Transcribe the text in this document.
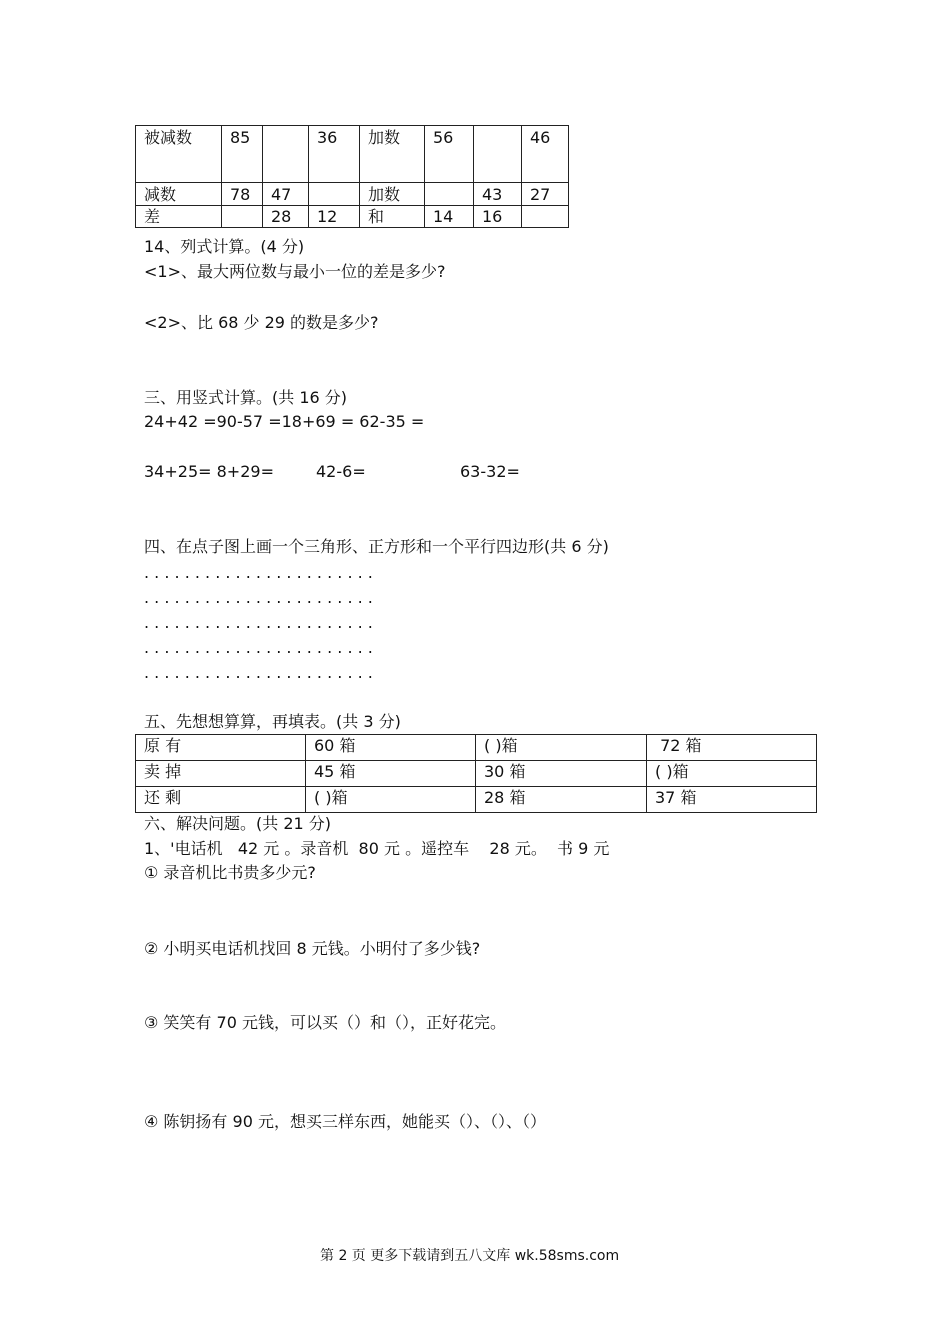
被减数	85		36	加数	56		46
减数	78	47		加数		43	27
差		28	12	和	14	16	
14、列式计算。(4 分)
<1>、最大两位数与最小一位的差是多少?
<2>、比 68 少 29 的数是多少?
三、用竖式计算。(共 16 分)
24+42 =90-57 =18+69 = 62-35 =
34+25= 8+29=	42-6=	63-32=
四、在点子图上画一个三角形、正方形和一个平行四边形(共 6 分)
. . . . . . . . . . . . . . . . . . . . . . .
. . . . . . . . . . . . . . . . . . . . . . .
. . . . . . . . . . . . . . . . . . . . . . .
. . . . . . . . . . . . . . . . . . . . . . .
. . . . . . . . . . . . . . . . . . . . . . .
五、先想想算算，再填表。(共 3 分)
原 有	60 箱	( )箱	72 箱
卖 掉	45 箱	30 箱	( )箱
还 剩	( )箱	28 箱	37 箱
六、解决问题。(共 21 分)
1、'电话机   42 元 。录音机  80 元 。遥控车    28 元。  书 9 元
① 录音机比书贵多少元?
② 小明买电话机找回 8 元钱。小明付了多少钱?
③ 笑笑有 70 元钱，可以买（）和（），正好花完。
④ 陈钥扬有 90 元，想买三样东西，她能买（）、（）、（）
第 2 页 更多下载请到五八文库 wk.58sms.com
